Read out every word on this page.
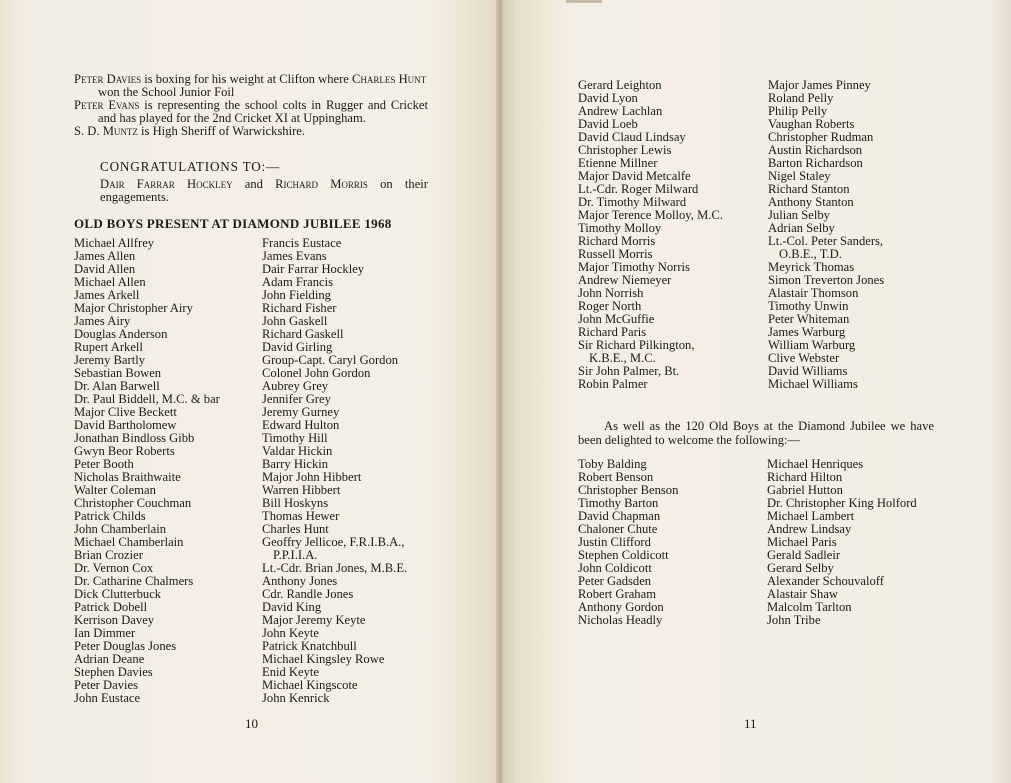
Peter Davies is boxing for his weight at Clifton where Charles Hunt won the School Junior Foil

Peter Evans is representing the school colts in Rugger and Cricket and has played for the 2nd Cricket XI at Uppingham.

S. D. Muntz is High Sheriff of Warwickshire.

CONGRATULATIONS TO:—
Dair Farrar Hockley and Richard Morris on their engagements.
OLD BOYS PRESENT AT DIAMOND JUBILEE 1968
Michael Allfrey
James Allen
David Allen
Michael Allen
James Arkell
Major Christopher Airy
James Airy
Douglas Anderson
Rupert Arkell
Jeremy Bartly
Sebastian Bowen
Dr. Alan Barwell
Dr. Paul Biddell, M.C. & bar
Major Clive Beckett
David Bartholomew
Jonathan Bindloss Gibb
Gwyn Beor Roberts
Peter Booth
Nicholas Braithwaite
Walter Coleman
Christopher Couchman
Patrick Childs
John Chamberlain
Michael Chamberlain
Brian Crozier
Dr. Vernon Cox
Dr. Catharine Chalmers
Dick Clutterbuck
Patrick Dobell
Kerrison Davey
Ian Dimmer
Peter Douglas Jones
Adrian Deane
Stephen Davies
Peter Davies
John Eustace
Francis Eustace
James Evans
Dair Farrar Hockley
Adam Francis
John Fielding
Richard Fisher
John Gaskell
Richard Gaskell
David Girling
Group-Capt. Caryl Gordon
Colonel John Gordon
Aubrey Grey
Jennifer Grey
Jeremy Gurney
Edward Hulton
Timothy Hill
Valdar Hickin
Barry Hickin
Major John Hibbert
Warren Hibbert
Bill Hoskyns
Thomas Hewer
Charles Hunt
Geoffry Jellicoe, F.R.I.B.A.,
P.P.I.I.A.
Lt.-Cdr. Brian Jones, M.B.E.
Anthony Jones
Cdr. Randle Jones
David King
Major Jeremy Keyte
John Keyte
Patrick Knatchbull
Michael Kingsley Rowe
Enid Keyte
Michael Kingscote
John Kenrick
10
Gerard Leighton
David Lyon
Andrew Lachlan
David Loeb
David Claud Lindsay
Christopher Lewis
Etienne Millner
Major David Metcalfe
Lt.-Cdr. Roger Milward
Dr. Timothy Milward
Major Terence Molloy, M.C.
Timothy Molloy
Richard Morris
Russell Morris
Major Timothy Norris
Andrew Niemeyer
John Norrish
Roger North
John McGuffie
Richard Paris
Sir Richard Pilkington,
K.B.E., M.C.
Sir John Palmer, Bt.
Robin Palmer
Major James Pinney
Roland Pelly
Philip Pelly
Vaughan Roberts
Christopher Rudman
Austin Richardson
Barton Richardson
Nigel Staley
Richard Stanton
Anthony Stanton
Julian Selby
Adrian Selby
Lt.-Col. Peter Sanders,
O.B.E., T.D.
Meyrick Thomas
Simon Treverton Jones
Alastair Thomson
Timothy Unwin
Peter Whiteman
James Warburg
William Warburg
Clive Webster
David Williams
Michael Williams
As well as the 120 Old Boys at the Diamond Jubilee we have been delighted to welcome the following:—
Toby Balding
Robert Benson
Christopher Benson
Timothy Barton
David Chapman
Chaloner Chute
Justin Clifford
Stephen Coldicott
John Coldicott
Peter Gadsden
Robert Graham
Anthony Gordon
Nicholas Headly
Michael Henriques
Richard Hilton
Gabriel Hutton
Dr. Christopher King Holford
Michael Lambert
Andrew Lindsay
Michael Paris
Gerald Sadleir
Gerard Selby
Alexander Schouvaloff
Alastair Shaw
Malcolm Tarlton
John Tribe
11
